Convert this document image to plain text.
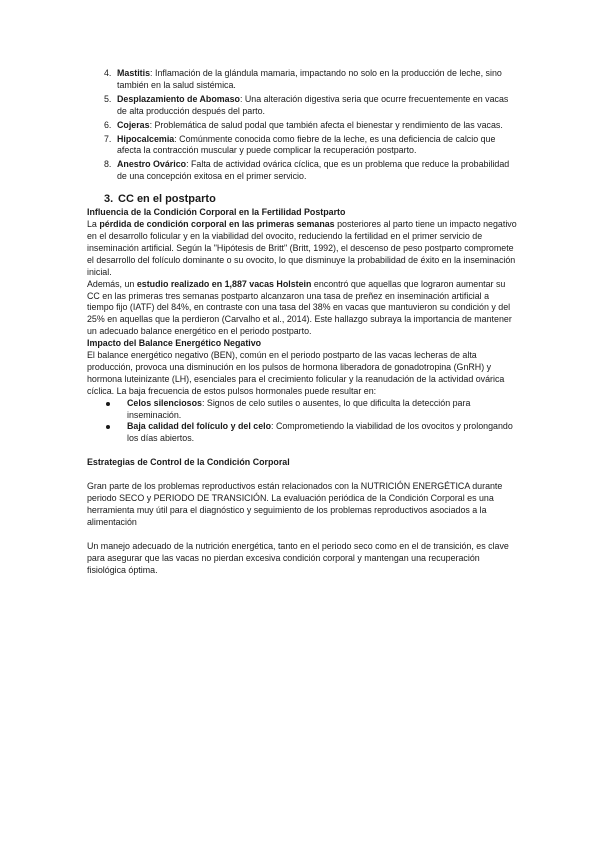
4. Mastitis: Inflamación de la glándula mamaria, impactando no solo en la producción de leche, sino también en la salud sistémica.
5. Desplazamiento de Abomaso: Una alteración digestiva seria que ocurre frecuentemente en vacas de alta producción después del parto.
6. Cojeras: Problemática de salud podal que también afecta el bienestar y rendimiento de las vacas.
7. Hipocalcemia: Comúnmente conocida como fiebre de la leche, es una deficiencia de calcio que afecta la contracción muscular y puede complicar la recuperación postparto.
8. Anestro Ovárico: Falta de actividad ovárica cíclica, que es un problema que reduce la probabilidad de una concepción exitosa en el primer servicio.
3. CC en el postparto

Influencia de la Condición Corporal en la Fertilidad Postparto

La pérdida de condición corporal en las primeras semanas posteriores al parto tiene un impacto negativo en el desarrollo folicular y en la viabilidad del ovocito, reduciendo la fertilidad en el primer servicio de inseminación artificial. Según la "Hipótesis de Britt" (Britt, 1992), el descenso de peso postparto compromete el desarrollo del folículo dominante o su ovocito, lo que disminuye la probabilidad de éxito en la inseminación inicial.

Además, un estudio realizado en 1,887 vacas Holstein encontró que aquellas que lograron aumentar su CC en las primeras tres semanas postparto alcanzaron una tasa de preñez en inseminación artificial a tiempo fijo (IATF) del 84%, en contraste con una tasa del 38% en vacas que mantuvieron su condición y del 25% en aquellas que la perdieron (Carvalho et al., 2014). Este hallazgo subraya la importancia de mantener un adecuado balance energético en el periodo postparto.

Impacto del Balance Energético Negativo

El balance energético negativo (BEN), común en el periodo postparto de las vacas lecheras de alta producción, provoca una disminución en los pulsos de hormona liberadora de gonadotropina (GnRH) y hormona luteinizante (LH), esenciales para el crecimiento folicular y la reanudación de la actividad ovárica cíclica. La baja frecuencia de estos pulsos hormonales puede resultar en:

Celos silenciosos: Signos de celo sutiles o ausentes, lo que dificulta la detección para inseminación.
Baja calidad del folículo y del celo: Comprometiendo la viabilidad de los ovocitos y prolongando los días abiertos.

Estrategias de Control de la Condición Corporal

Gran parte de los problemas reproductivos están relacionados con la NUTRICIÓN ENERGÉTICA durante periodo SECO y PERIODO DE TRANSICIÓN. La evaluación periódica de la Condición Corporal es una herramienta muy útil para el diagnóstico y seguimiento de los problemas reproductivos asociados a la alimentación

Un manejo adecuado de la nutrición energética, tanto en el periodo seco como en el de transición, es clave para asegurar que las vacas no pierdan excesiva condición corporal y mantengan una recuperación fisiológica óptima.
